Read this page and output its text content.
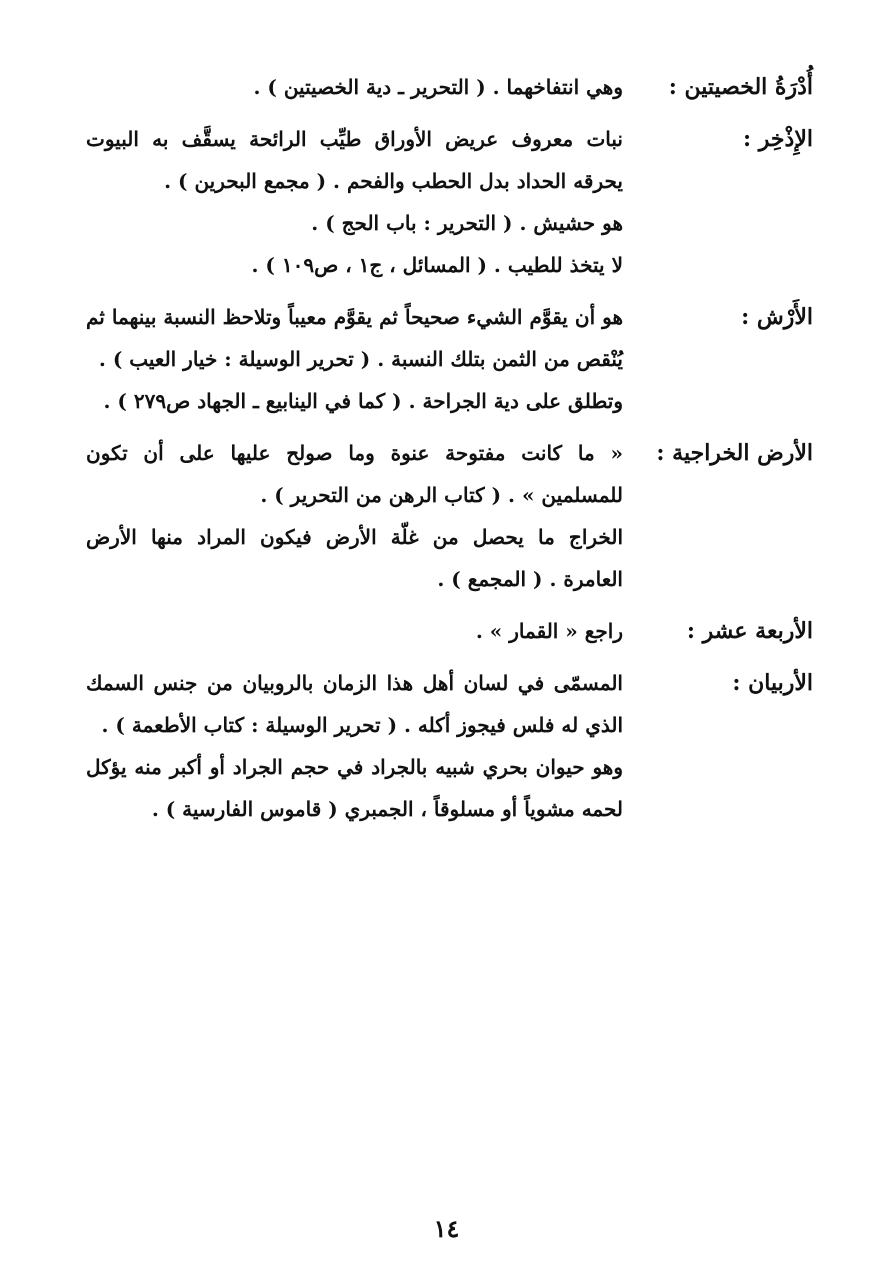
أُدْرَةُ الخصيتين :
وهي انتفاخهما . ( التحرير ـ دية الخصيتين ) .
الإِذْخِر :
نبات معروف عريض الأوراق طيِّب الرائحة يسقَّف به البيوت يحرقه الحداد بدل الحطب والفحم . ( مجمع البحرين ) .
هو حشيش . ( التحرير : باب الحج ) .
لا يتخذ للطيب . ( المسائل ، ج١ ، ص١٠٩ ) .
الأَرْش :
هو أن يقوَّم الشيء صحيحاً ثم يقوَّم معيباً وتلاحظ النسبة بينهما ثم يُنْقص من الثمن بتلك النسبة . ( تحرير الوسيلة : خيار العيب ) .
وتطلق على دية الجراحة . ( كما في الينابيع ـ الجهاد ص٢٧٩ ) .
الأرض الخراجية :
« ما كانت مفتوحة عنوة وما صولح عليها على أن تكون للمسلمين » . ( كتاب الرهن من التحرير ) .
الخراج ما يحصل من غلّة الأرض فيكون المراد منها الأرض العامرة . ( المجمع ) .
الأربعة عشر :
راجع « القمار » .
الأربيان :
المسمّى في لسان أهل هذا الزمان بالروبيان من جنس السمك الذي له فلس فيجوز أكله . ( تحرير الوسيلة : كتاب الأطعمة ) .
وهو حيوان بحري شبيه بالجراد في حجم الجراد أو أكبر منه يؤكل لحمه مشوياً أو مسلوقاً ، الجمبري ( قاموس الفارسية ) .
١٤
